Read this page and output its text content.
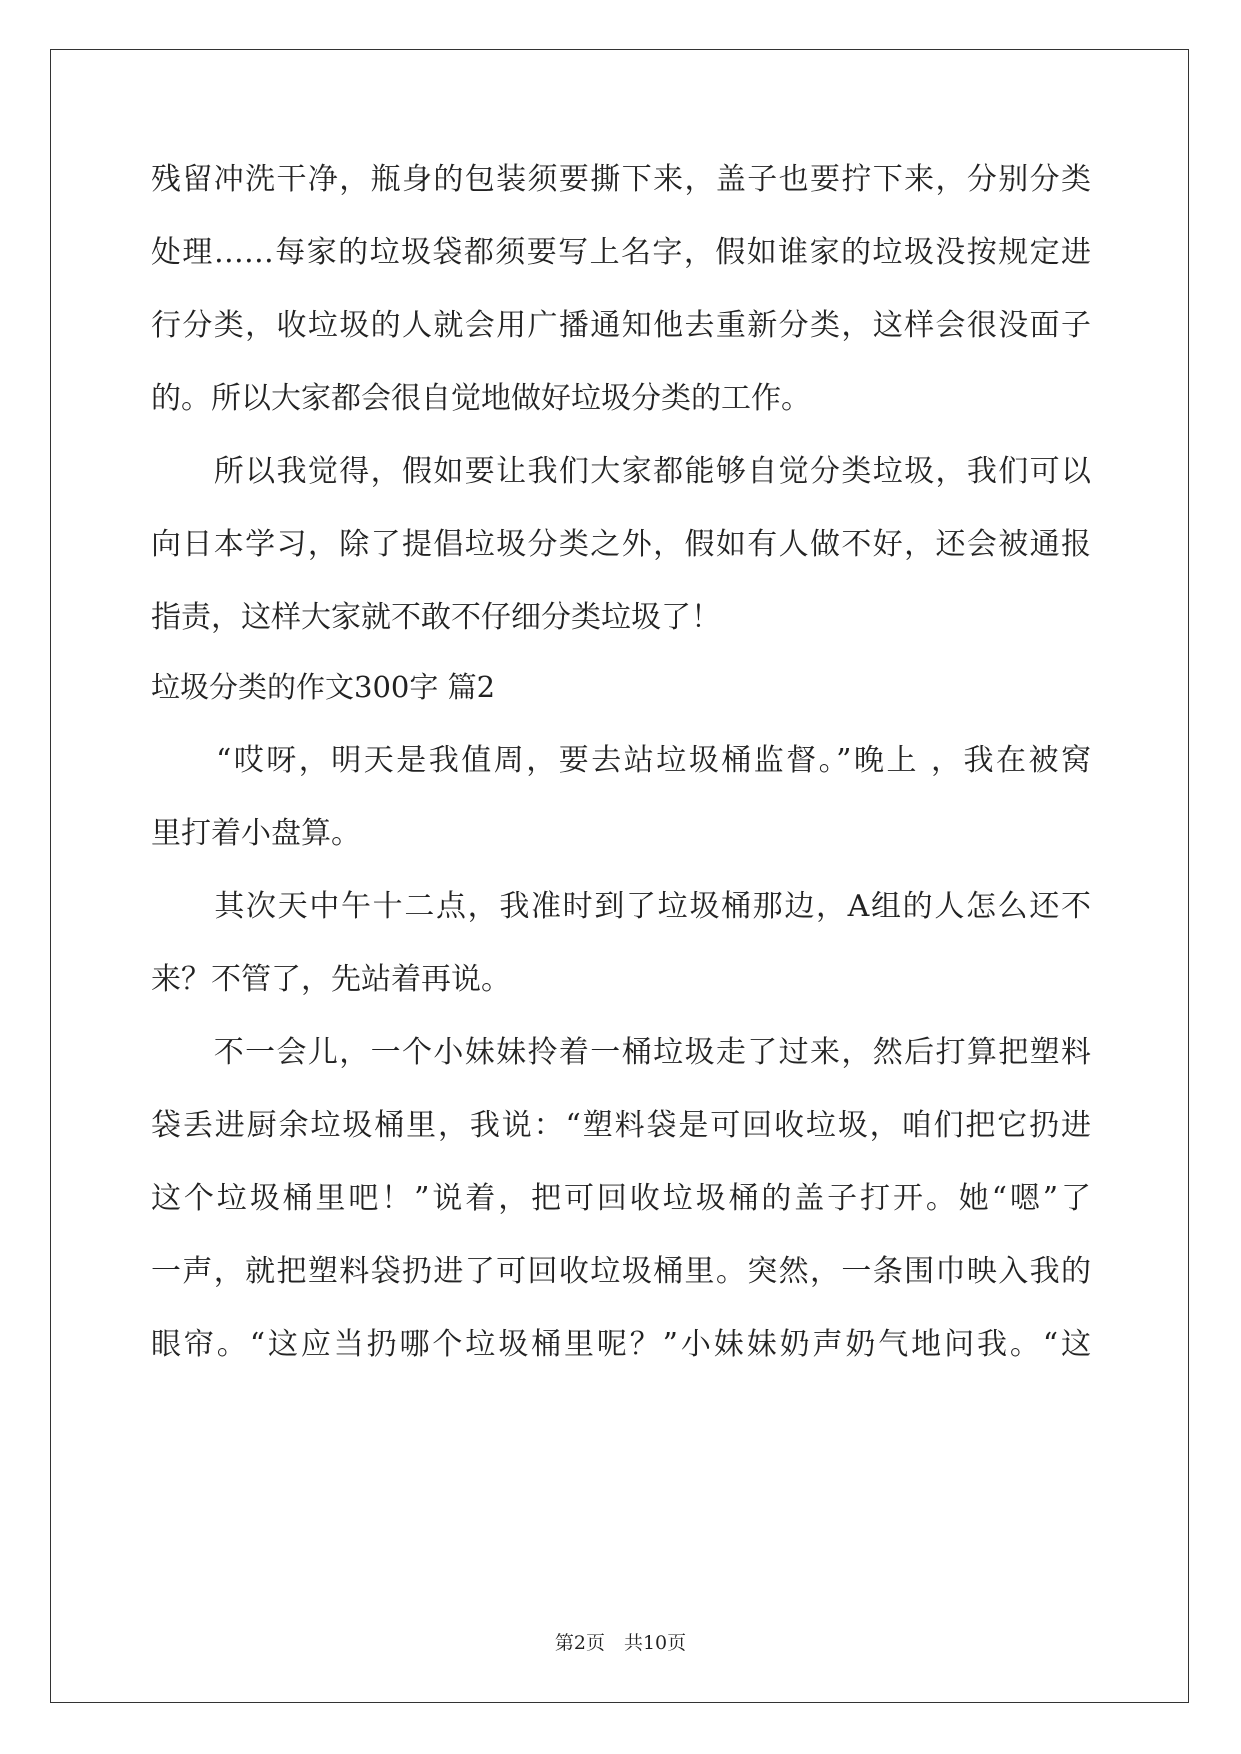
残留冲洗干净，瓶身的包装须要撕下来，盖子也要拧下来，分别分类
处理……每家的垃圾袋都须要写上名字，假如谁家的垃圾没按规定进
行分类，收垃圾的人就会用广播通知他去重新分类，这样会很没面子
的。所以大家都会很自觉地做好垃圾分类的工作。
　　所以我觉得，假如要让我们大家都能够自觉分类垃圾，我们可以
向日本学习，除了提倡垃圾分类之外，假如有人做不好，还会被通报
指责，这样大家就不敢不仔细分类垃圾了！
垃圾分类的作文300字 篇2
　　“哎呀，明天是我值周，要去站垃圾桶监督。”晚上 ，我在被窝
里打着小盘算。
　　其次天中午十二点，我准时到了垃圾桶那边，A组的人怎么还不
来？不管了，先站着再说。
　　不一会儿，一个小妹妹拎着一桶垃圾走了过来，然后打算把塑料
袋丢进厨余垃圾桶里，我说：“塑料袋是可回收垃圾，咱们把它扔进
这个垃圾桶里吧！”说着，把可回收垃圾桶的盖子打开。她“嗯”了
一声，就把塑料袋扔进了可回收垃圾桶里。突然，一条围巾映入我的
眼帘。“这应当扔哪个垃圾桶里呢？”小妹妹奶声奶气地问我。“这
第2页　共10页
